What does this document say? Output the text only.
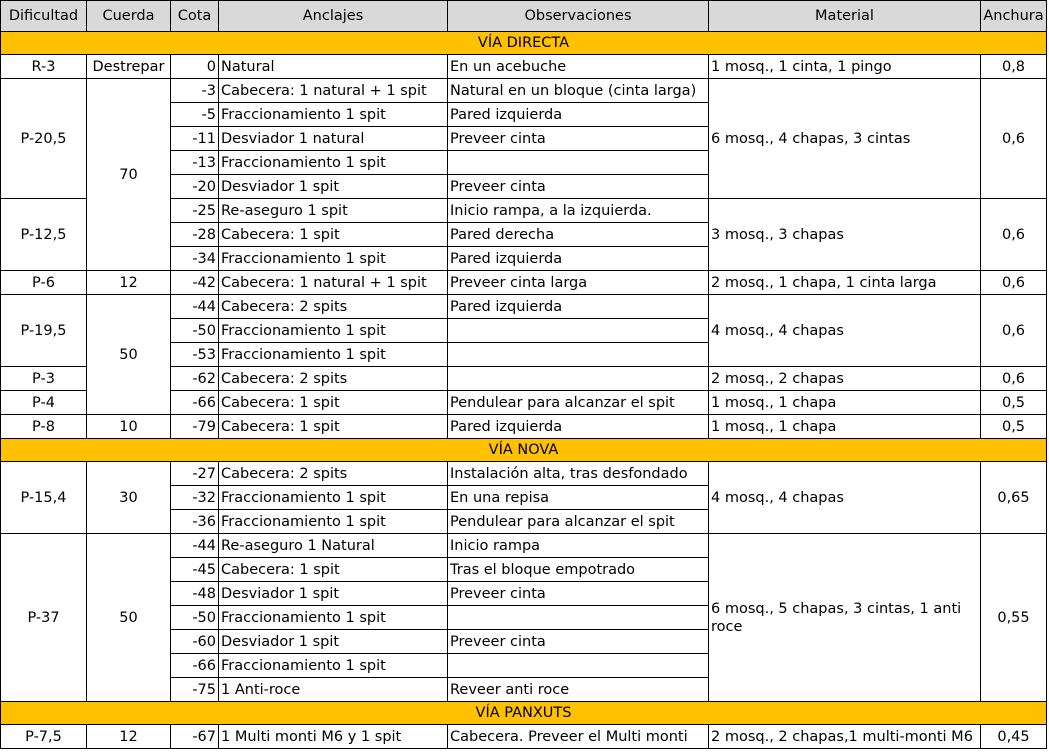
Dificultad	Cuerda	Cota	Anclajes	Observaciones	Material	Anchura
VÍA DIRECTA						
R-3	Destrepar	0	Natural	En un acebuche	1 mosq., 1 cinta, 1 pingo	0,8
P-20,5	70	-3	Cabecera: 1 natural + 1 spit	Natural en un bloque (cinta larga)	6 mosq., 4 chapas, 3 cintas	0,6
		-5	Fraccionamiento 1 spit	Pared izquierda		
		-11	Desviador 1 natural	Preveer cinta		
		-13	Fraccionamiento 1 spit			
		-20	Desviador 1 spit	Preveer cinta		
P-12,5		-25	Re-aseguro 1 spit	Inicio rampa, a la izquierda.	3 mosq., 3 chapas	0,6
		-28	Cabecera: 1 spit	Pared derecha		
		-34	Fraccionamiento 1 spit	Pared izquierda		
P-6	12	-42	Cabecera: 1 natural + 1 spit	Preveer cinta larga	2 mosq., 1 chapa, 1 cinta larga	0,6
P-19,5	50	-44	Cabecera: 2 spits	Pared izquierda	4 mosq., 4 chapas	0,6
		-50	Fraccionamiento 1 spit			
		-53	Fraccionamiento 1 spit			
P-3		-62	Cabecera: 2 spits		2 mosq., 2 chapas	0,6
P-4		-66	Cabecera: 1 spit	Pendulear para alcanzar el spit	1 mosq., 1 chapa	0,5
P-8	10	-79	Cabecera: 1 spit	Pared izquierda	1 mosq., 1 chapa	0,5
VÍA NOVA						
P-15,4	30	-27	Cabecera: 2 spits	Instalación alta, tras desfondado	4 mosq., 4 chapas	0,65
		-32	Fraccionamiento 1 spit	En una repisa		
		-36	Fraccionamiento 1 spit	Pendulear para alcanzar el spit		
P-37	50	-44	Re-aseguro 1 Natural	Inicio rampa	6 mosq., 5 chapas, 3 cintas, 1 anti roce	0,55
		-45	Cabecera: 1 spit	Tras el bloque empotrado		
		-48	Desviador 1 spit	Preveer cinta		
		-50	Fraccionamiento 1 spit			
		-60	Desviador 1 spit	Preveer cinta		
		-66	Fraccionamiento 1 spit			
		-75	1 Anti-roce	Reveer anti roce		
VÍA PANXUTS						
P-7,5	12	-67	1 Multi monti M6 y 1 spit	Cabecera. Preveer el Multi monti	2 mosq., 2 chapas,1 multi-monti M6	0,45
